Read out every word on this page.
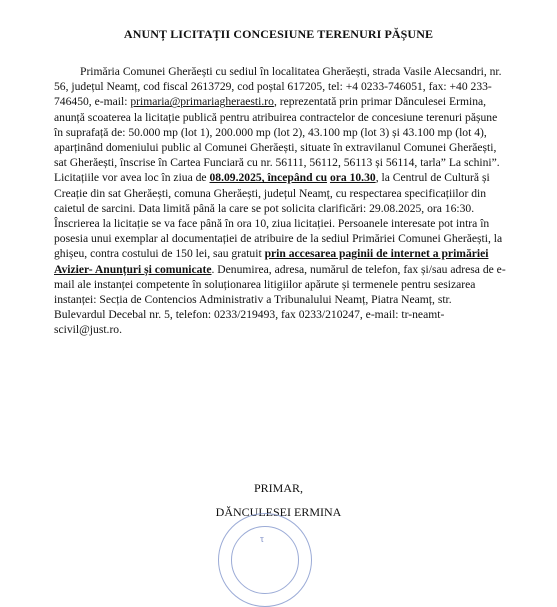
ANUNȚ LICITAȚII CONCESIUNE TERENURI PĂȘUNE

Primăria Comunei Gherăești cu sediul în localitatea Gherăești, strada Vasile Alecsandri, nr. 56, județul Neamț, cod fiscal 2613729, cod poștal 617205, tel: +4 0233-746051, fax: +40 233-746450, e-mail: primaria@primariagheraesti.ro, reprezentată prin primar Dănculesei Ermina, anunță scoaterea la licitație publică pentru atribuirea contractelor de concesiune terenuri pășune în suprafață de: 50.000 mp (lot 1), 200.000 mp (lot 2), 43.100 mp (lot 3) și 43.100 mp (lot 4), aparținând domeniului public al Comunei Gherăești, situate în extravilanul Comunei Gherăești, sat Gherăești, înscrise în Cartea Funciară cu nr. 56111, 56112, 56113 și 56114, tarla” La schini”. Licitațiile vor avea loc în ziua de 08.09.2025, începând cu ora 10.30, la Centrul de Cultură și Creație din sat Gherăești, comuna Gherăești, județul Neamț, cu respectarea specificațiilor din caietul de sarcini. Data limită până la care se pot solicita clarificări: 29.08.2025, ora 16:30. Înscrierea la licitație se va face până în ora 10, ziua licitației. Persoanele interesate pot intra în posesia unui exemplar al documentației de atribuire de la sediul Primăriei Comunei Gherăești, la ghișeu, contra costului de 150 lei, sau gratuit prin accesarea paginii de internet a primăriei Avizier- Anunțuri și comunicate. Denumirea, adresa, numărul de telefon, fax și/sau adresa de e-mail ale instanței competente în soluționarea litigiilor apărute și termenele pentru sesizarea instanței: Secția de Contencios Administrativ a Tribunalului Neamț, Piatra Neamț, str. Bulevardul Decebal nr. 5, telefon: 0233/219493, fax 0233/210247, e-mail: tr-neamt-scivil@just.ro.

PRIMAR,
DĂNCULESEI ERMINA
τ
